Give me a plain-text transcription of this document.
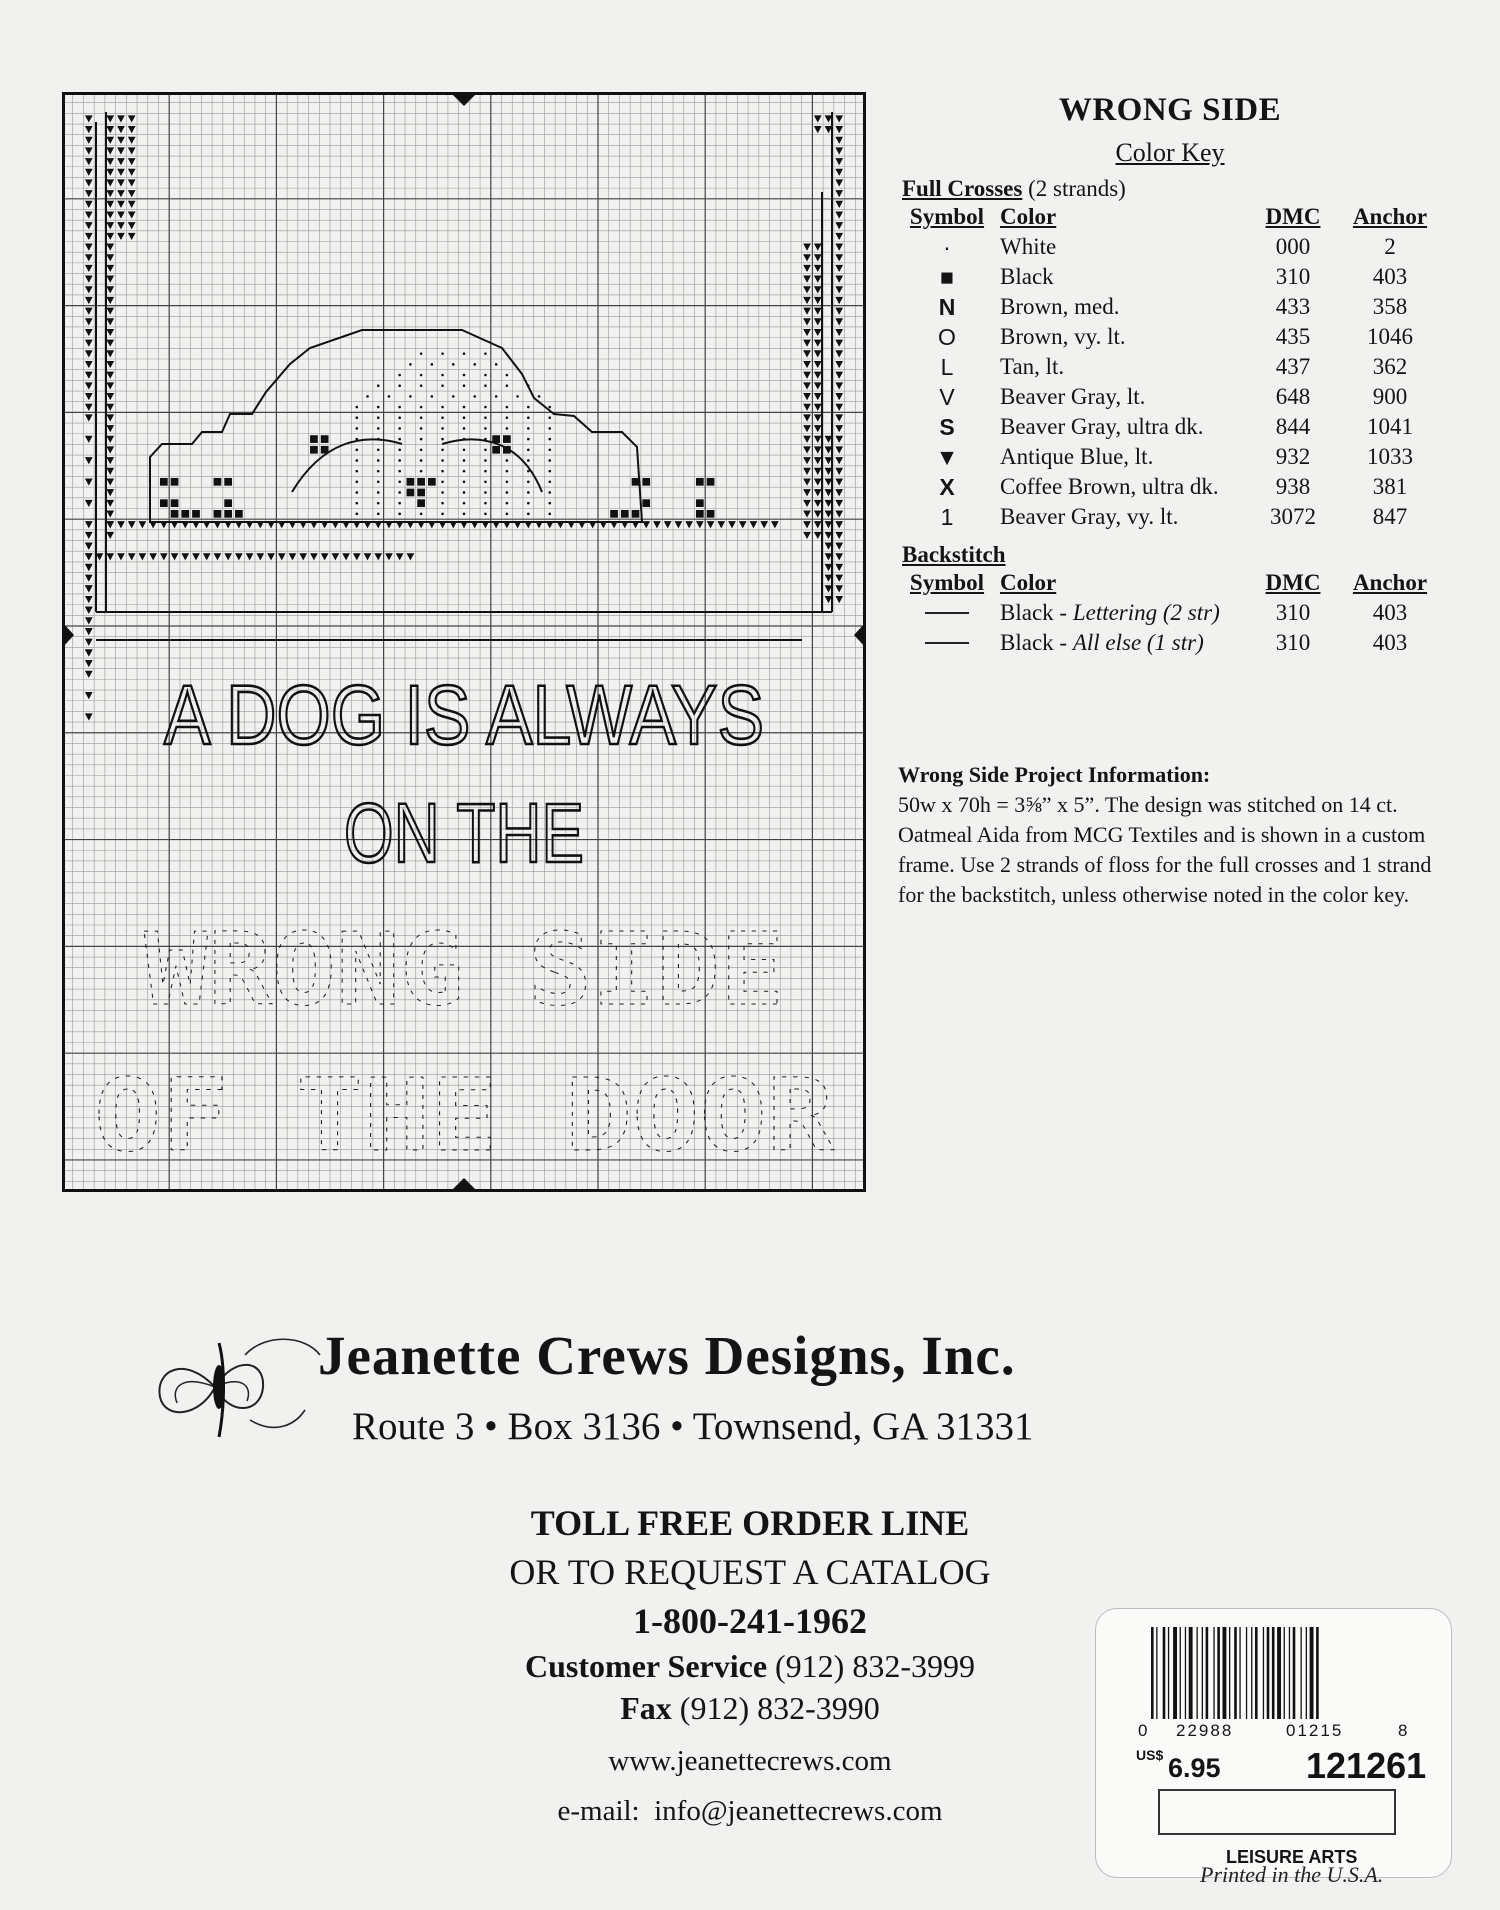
A DOG IS ALWAYS
ON THE
WRONG SIDE
OF THE DOOR
WRONG SIDE
Color Key
Full Crosses (2 strands)
Symbol Color	DMC	Anchor
·	White	000	2
■	Black	310	403
N	Brown, med.	433	358
O	Brown, vy. lt.	435	1046
L	Tan, lt.	437	362
V	Beaver Gray, lt.	648	900
S	Beaver Gray, ultra dk.	844	1041
▼	Antique Blue, lt.	932	1033
X	Coffee Brown, ultra dk.	938	381
1	Beaver Gray, vy. lt.	3072	847
Backstitch
Symbol Color	DMC	Anchor
Black - Lettering (2 str)	310	403
Black - All else (1 str)	310	403
Wrong Side Project Information:
50w x 70h = 3⅝” x 5”. The design was stitched on 14 ct. Oatmeal Aida from MCG Textiles and is shown in a custom frame. Use 2 strands of floss for the full crosses and 1 strand for the backstitch, unless otherwise noted in the color key.
Jeanette Crews Designs, Inc.
Route 3 • Box 3136 • Townsend, GA 31331
TOLL FREE ORDER LINE
OR TO REQUEST A CATALOG
1-800-241-1962
Customer Service (912) 832-3999
Fax (912) 832-3990
www.jeanettecrews.com
e-mail: info@jeanettecrews.com
0 22988	01215	8
US$ 6.95 121261
LEISURE ARTS
Printed in the U.S.A.
